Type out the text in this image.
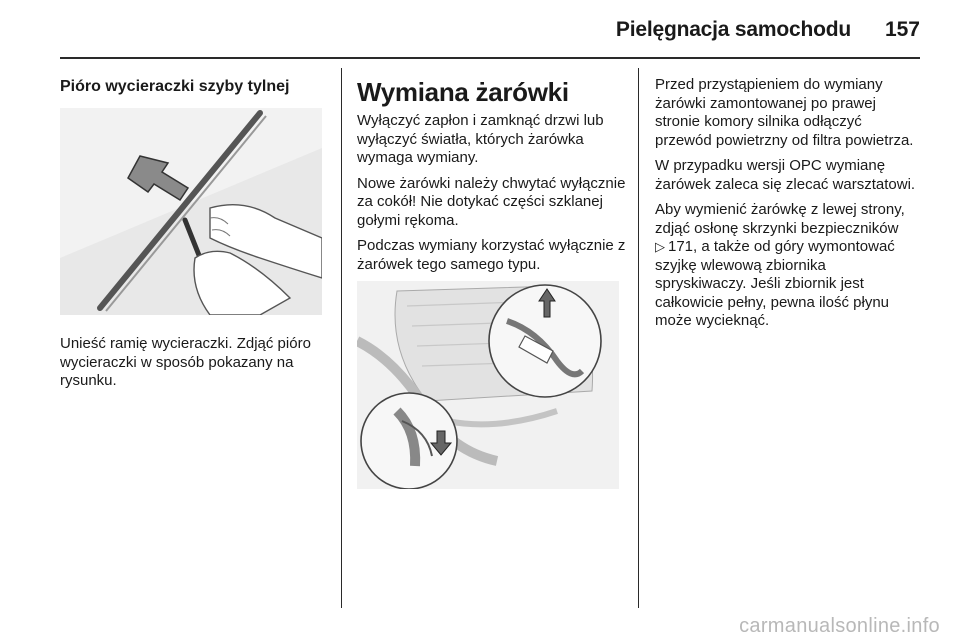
Pielęgnacja samochodu 157
Pióro wycieraczki szyby tylnej

Unieść ramię wycieraczki. Zdjąć pióro wycieraczki w sposób pokazany na rysunku.

Wymiana żarówki

Wyłączyć zapłon i zamknąć drzwi lub wyłączyć światła, których żarówka wymaga wymiany.

Nowe żarówki należy chwytać wyłącznie za cokół! Nie dotykać części szklanej gołymi rękoma.

Podczas wymiany korzystać wyłącznie z żarówek tego samego typu.

Przed przystąpieniem do wymiany żarówki zamontowanej po prawej stronie komory silnika odłączyć przewód powietrzny od filtra powietrza.

W przypadku wersji OPC wymianę żarówek zaleca się zlecać warsztatowi.

Aby wymienić żarówkę z lewej strony, zdjąć osłonę skrzynki bezpieczników ▷ 171, a także od góry wymontować szyjkę wlewową zbiornika spryskiwaczy. Jeśli zbiornik jest całkowicie pełny, pewna ilość płynu może wycieknąć.

carmanualsonline.info
